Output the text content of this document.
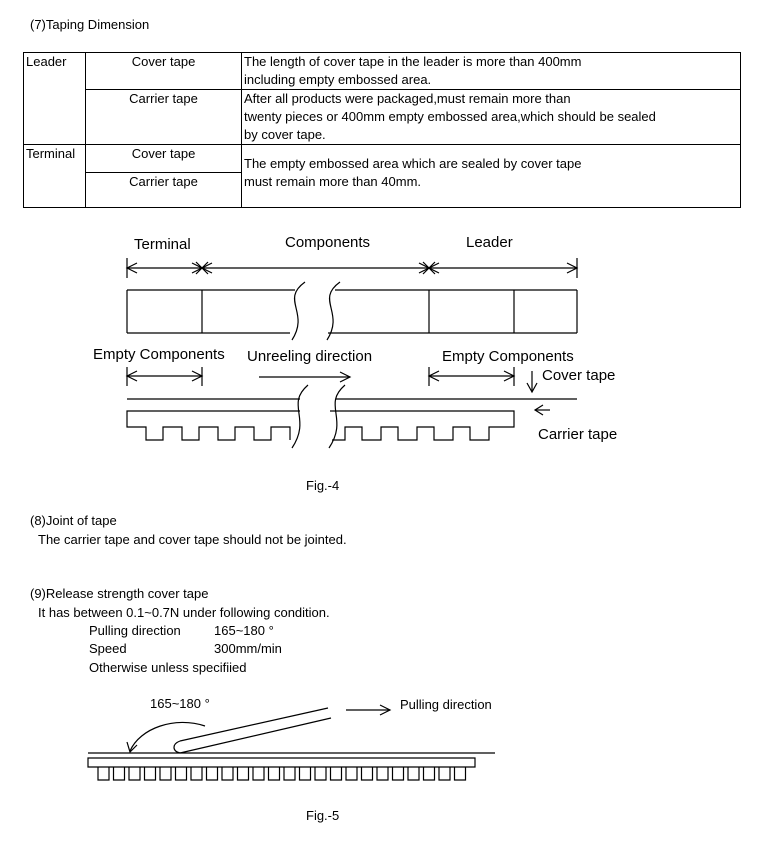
(7)Taping Dimension
Leader	Cover tape	The length of cover tape in the leader is more than 400mm
including empty embossed area.

	Carrier tape	After all products were packaged,must remain more than
twenty pieces or 400mm empty embossed area,which should be sealed
by cover tape.

Terminal	Cover tape	The empty embossed area which are sealed by cover tape
must remain more than 40mm.

	Carrier tape	
Terminal	Components	Leader
Empty Components Unreeling direction	Empty Components
Cover tape
Carrier tape
Fig.-4
(8)Joint of tape
The carrier tape and cover tape should not be jointed.
(9)Release strength cover tape
It has between 0.1~0.7N under following condition.
Pulling direction	165~180 °
Speed	300mm/min
Otherwise unless specifiied
165~180 °	Pulling direction
Fig.-5
